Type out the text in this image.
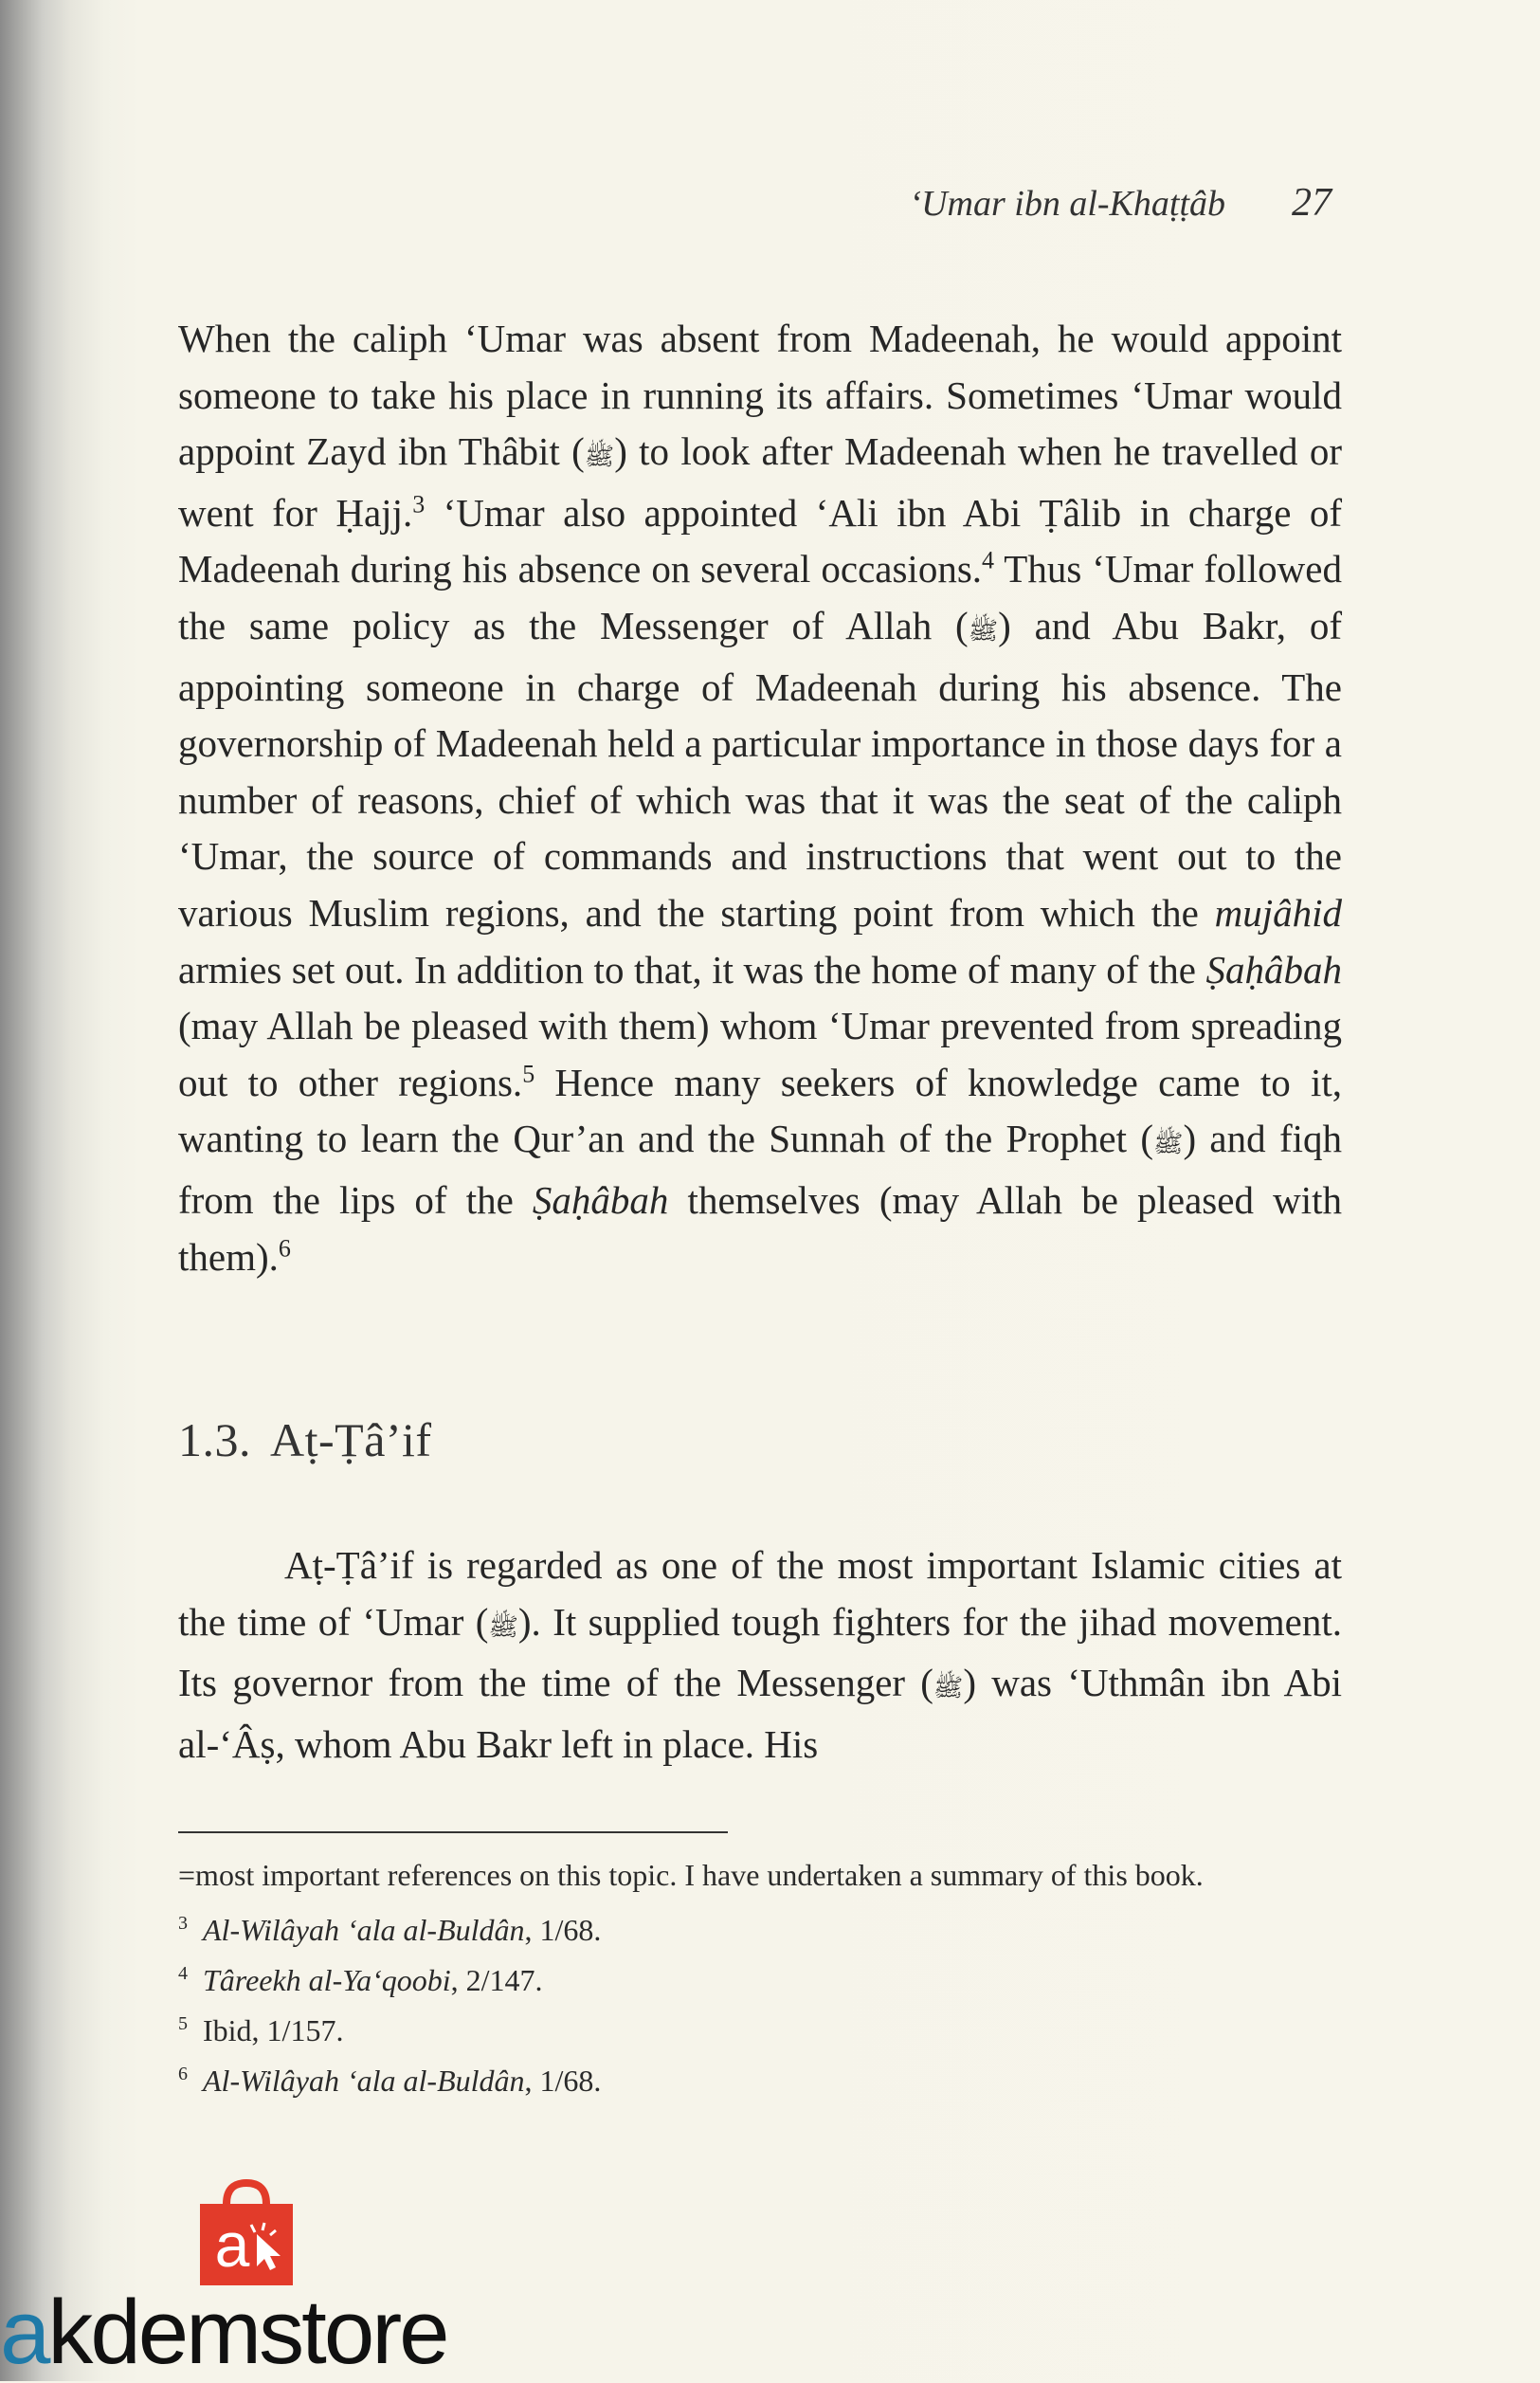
‘Umar ibn al-Khaṭṭâb 27

When the caliph ‘Umar was absent from Madeenah, he would appoint someone to take his place in running its affairs. Sometimes ‘Umar would appoint Zayd ibn Thâbit (ﷺ) to look after Madeenah when he travelled or went for Ḥajj.$^3$ ‘Umar also appointed ‘Ali ibn Abi Ṭâlib in charge of Madeenah during his absence on several occasions.$^4$ Thus ‘Umar followed the same policy as the Messenger of Allah (ﷺ) and Abu Bakr, of appointing someone in charge of Madeenah during his absence. The governorship of Madeenah held a particular importance in those days for a number of reasons, chief of which was that it was the seat of the caliph ‘Umar, the source of commands and instructions that went out to the various Muslim regions, and the starting point from which the mujâhid armies set out. In addition to that, it was the home of many of the Ṣaḥâbah (may Allah be pleased with them) whom ‘Umar prevented from spreading out to other regions.$^5$ Hence many seekers of knowledge came to it, wanting to learn the Qur’an and the Sunnah of the Prophet (ﷺ) and fiqh from the lips of the Ṣaḥâbah themselves (may Allah be pleased with them).$^6$

1.3. Aṭ-Ṭâ’if

Aṭ-Ṭâ’if is regarded as one of the most important Islamic cities at the time of ‘Umar (ﷺ). It supplied tough fighters for the jihad movement. Its governor from the time of the Messenger (ﷺ) was ‘Uthmân ibn Abi al-‘Âṣ, whom Abu Bakr left in place. His

=most important references on this topic. I have undertaken a summary of this book.
3 Al-Wilâyah ‘ala al-Buldân, 1/68.
4 Târeekh al-Ya‘qoobi, 2/147.
5 Ibid, 1/157.
6 Al-Wilâyah ‘ala al-Buldân, 1/68.
a
akdemstore
